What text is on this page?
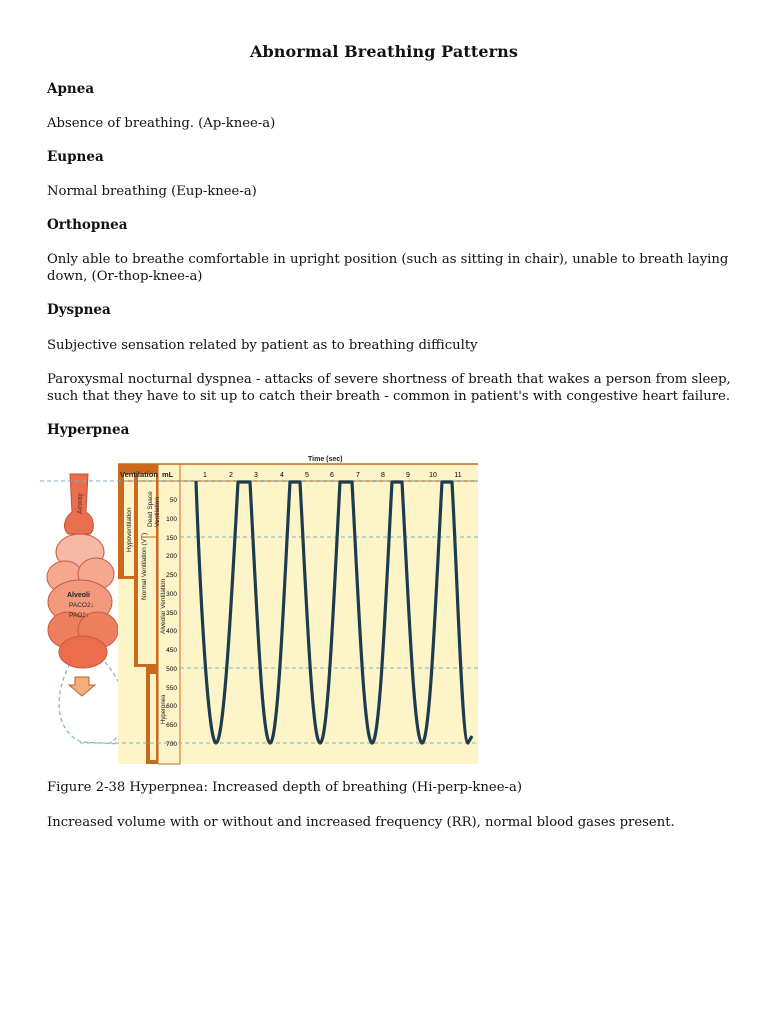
Abnormal Breathing Patterns
Apnea
Absence of breathing. (Ap-knee-a)
Eupnea
Normal breathing (Eup-knee-a)
Orthopnea
Only able to breathe comfortable in upright position (such as sitting in chair), unable to breath laying down, (Or-thop-knee-a)
Dyspnea
Subjective sensation related by patient as to breathing difficulty
Paroxysmal nocturnal dyspnea - attacks of severe shortness of breath that wakes a person from sleep, such that they have to sit up to catch their breath - common in patient's with congestive heart failure.
Hyperpnea
Airway
Alveoli
PACO2↓
PAO2↑
Ventilation mL
Time (sec)
Hypoventilation
Normal Ventilation (VT)
Dead Space Ventilation
Alveolar Ventilation
Hyperpnea
50
100
150
200
250
300
350
400
450
500
550
600
650
700
1	2	3	4	5	6	7	8	9	10 11
Figure 2-38 Hyperpnea: Increased depth of breathing (Hi-perp-knee-a)
Increased volume with or without and increased frequency (RR), normal blood gases present.
